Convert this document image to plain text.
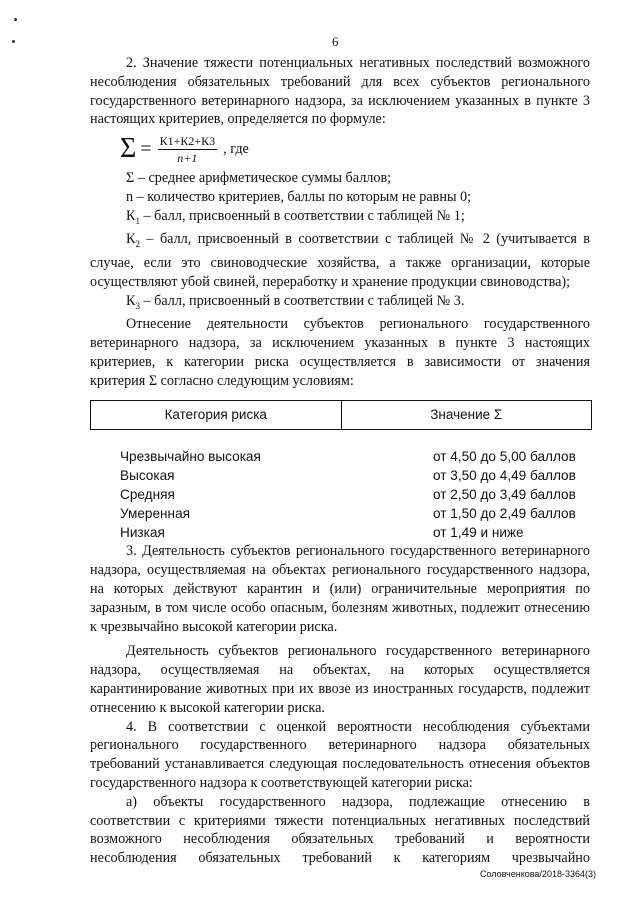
6

2. Значение тяжести потенциальных негативных последствий возможного несоблюдения обязательных требований для всех субъектов регионального государственного ветеринарного надзора, за исключением указанных в пункте 3 настоящих критериев, определяется по формуле:

$\Sigma = \frac{К1+К2+К3}{n+1}$ , где

Σ – среднее арифметическое суммы баллов;

n – количество критериев, баллы по которым не равны 0;

$К_1$ – балл, присвоенный в соответствии с таблицей № 1;

$К_2$ – балл, присвоенный в соответствии с таблицей № 2 (учитывается в случае, если это свиноводческие хозяйства, а также организации, которые осуществляют убой свиней, переработку и хранение продукции свиноводства);

$К_3$ – балл, присвоенный в соответствии с таблицей № 3.

Отнесение деятельности субъектов регионального государственного ветеринарного надзора, за исключением указанных в пункте 3 настоящих критериев, к категории риска осуществляется в зависимости от значения критерия Σ согласно следующим условиям:

Категория риска	Значение Σ
Чрезвычайно высокая	от 4,50 до 5,00 баллов
Высокая	от 3,50 до 4,49 баллов
Средняя	от 2,50 до 3,49 баллов
Умеренная	от 1,50 до 2,49 баллов
Низкая	от 1,49 и ниже

3. Деятельность субъектов регионального государственного ветеринарного надзора, осуществляемая на объектах регионального государственного надзора, на которых действуют карантин и (или) ограничительные мероприятия по заразным, в том числе особо опасным, болезням животных, подлежит отнесению к чрезвычайно высокой категории риска.

Деятельность субъектов регионального государственного ветеринарного надзора, осуществляемая на объектах, на которых осуществляется карантинирование животных при их ввозе из иностранных государств, подлежит отнесению к высокой категории риска.

4. В соответствии с оценкой вероятности несоблюдения субъектами регионального государственного ветеринарного надзора обязательных требований устанавливается следующая последовательность отнесения объектов государственного надзора к соответствующей категории риска:

а) объекты государственного надзора, подлежащие отнесению в соответствии с критериями тяжести потенциальных негативных последствий возможного несоблюдения обязательных требований и вероятности несоблюдения обязательных требований к категориям чрезвычайно

Соловченкова/2018-3364(3)
